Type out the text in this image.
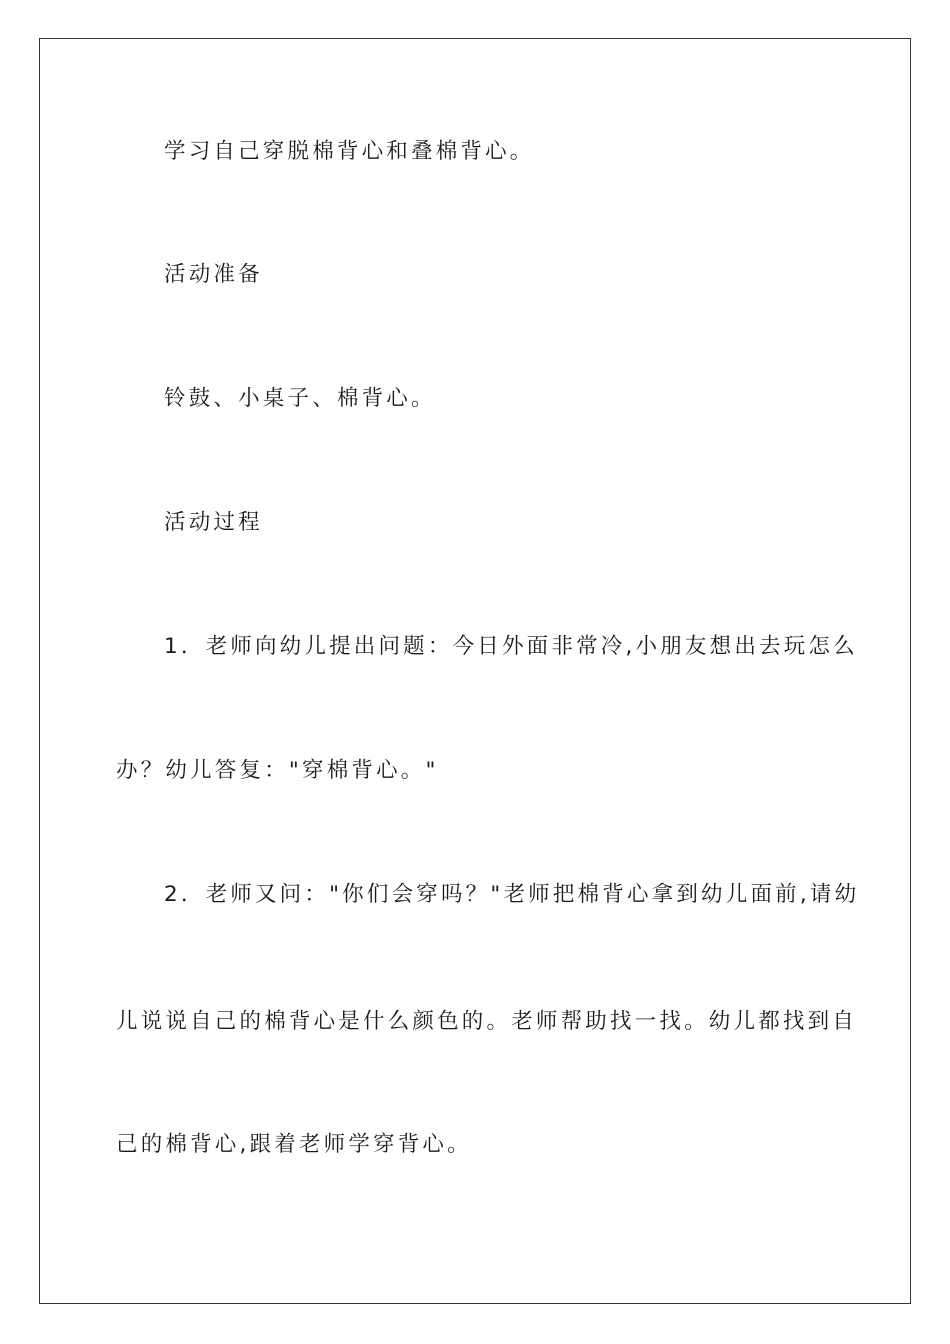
学习自己穿脱棉背心和叠棉背心。
活动准备
铃鼓、小桌子、棉背心。
活动过程
1．老师向幼儿提出问题：今日外面非常冷,小朋友想出去玩怎么
办？幼儿答复："穿棉背心。"
2．老师又问："你们会穿吗？"老师把棉背心拿到幼儿面前,请幼
儿说说自己的棉背心是什么颜色的。老师帮助找一找。幼儿都找到自
己的棉背心,跟着老师学穿背心。
